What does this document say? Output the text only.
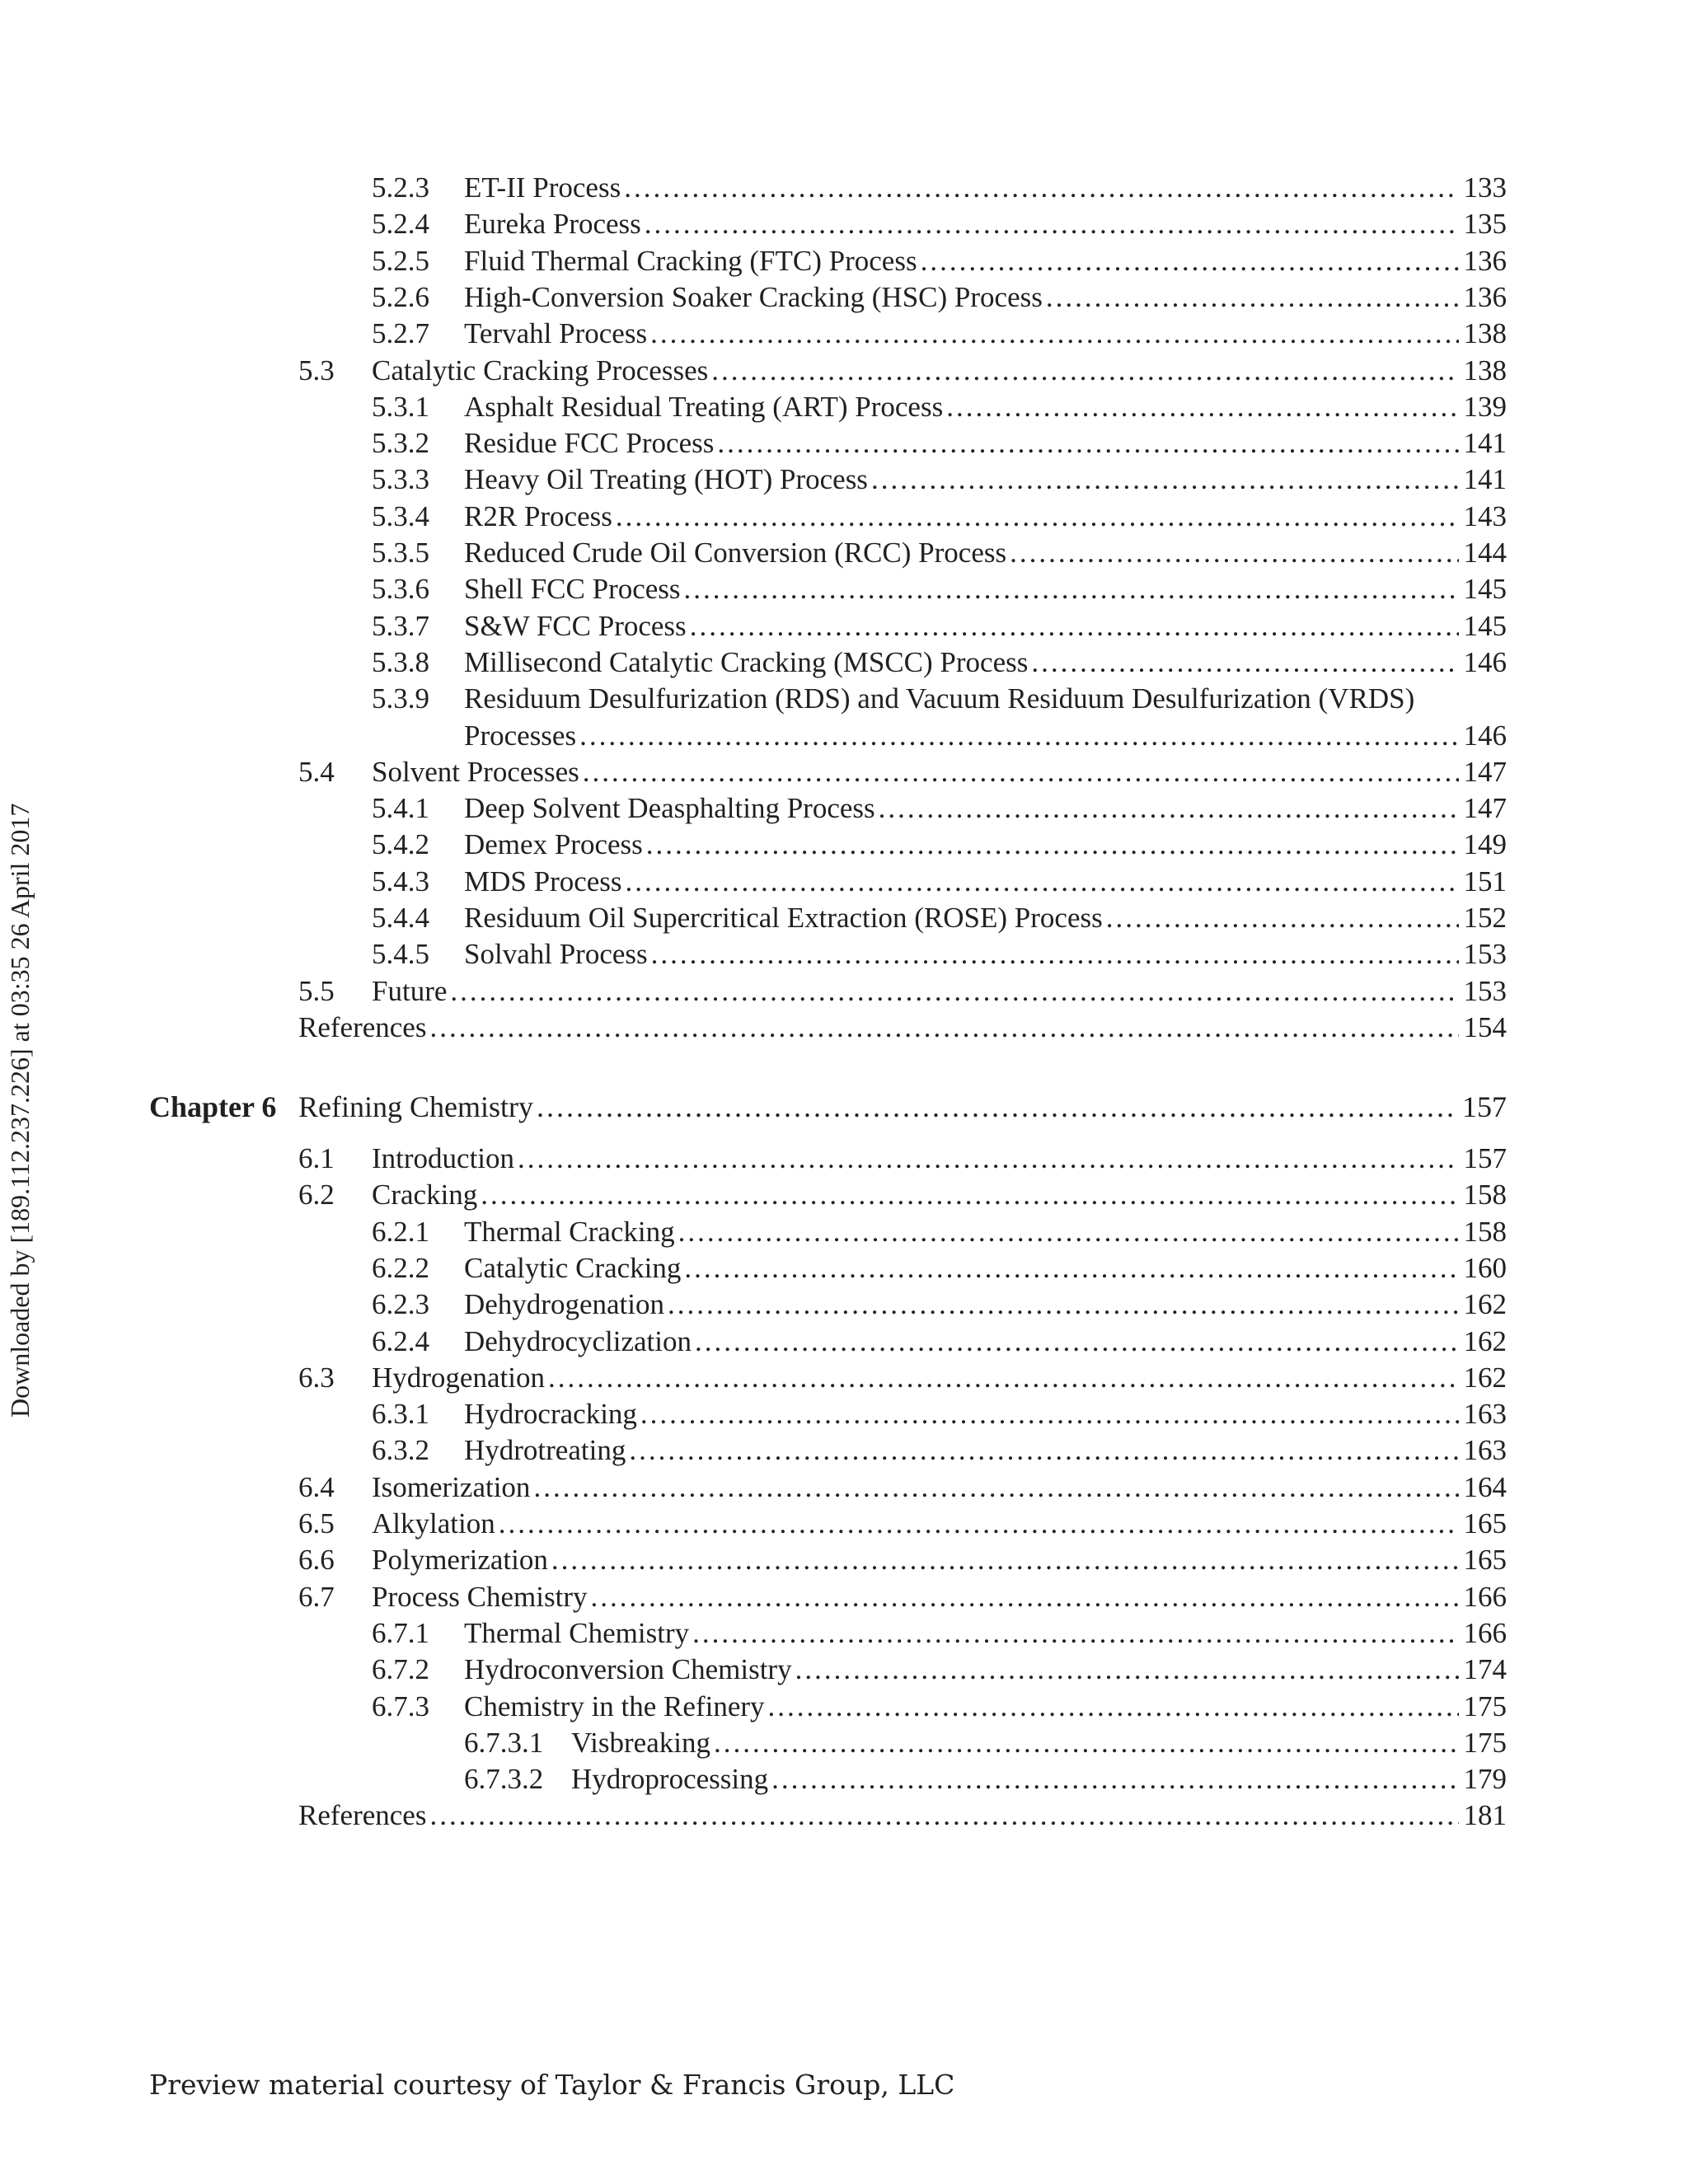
Downloaded by [189.112.237.226] at 03:35 26 April 2017
5.2.3 ET-II Process .....	133
5.2.4 Eureka Process .....	135
5.2.5 Fluid Thermal Cracking (FTC) Process .....	136
5.2.6 High-Conversion Soaker Cracking (HSC) Process .....	136
5.2.7 Tervahl Process .....	138
5.3 Catalytic Cracking Processes .....	138
5.3.1 Asphalt Residual Treating (ART) Process .....	139
5.3.2 Residue FCC Process .....	141
5.3.3 Heavy Oil Treating (HOT) Process .....	141
5.3.4 R2R Process .....	143
5.3.5 Reduced Crude Oil Conversion (RCC) Process .....	144
5.3.6 Shell FCC Process .....	145
5.3.7 S&W FCC Process .....	145
5.3.8 Millisecond Catalytic Cracking (MSCC) Process .....	146
5.3.9 Residuum Desulfurization (RDS) and Vacuum Residuum Desulfurization (VRDS)
Processes .....	146
5.4 Solvent Processes .....	147
5.4.1 Deep Solvent Deasphalting Process .....	147
5.4.2 Demex Process .....	149
5.4.3 MDS Process .....	151
5.4.4 Residuum Oil Supercritical Extraction (ROSE) Process .....	152
5.4.5 Solvahl Process .....	153
5.5 Future .....	153
References .....	154
Chapter 6 Refining Chemistry .....	157
6.1 Introduction .....	157
6.2 Cracking .....	158
6.2.1 Thermal Cracking .....	158
6.2.2 Catalytic Cracking .....	160
6.2.3 Dehydrogenation .....	162
6.2.4 Dehydrocyclization .....	162
6.3 Hydrogenation .....	162
6.3.1 Hydrocracking .....	163
6.3.2 Hydrotreating .....	163
6.4 Isomerization .....	164
6.5 Alkylation .....	165
6.6 Polymerization .....	165
6.7 Process Chemistry .....	166
6.7.1 Thermal Chemistry .....	166
6.7.2 Hydroconversion Chemistry .....	174
6.7.3 Chemistry in the Refinery .....	175
6.7.3.1 Visbreaking .....	175
6.7.3.2 Hydroprocessing .....	179
References .....	181
Preview material courtesy of Taylor & Francis Group, LLC
